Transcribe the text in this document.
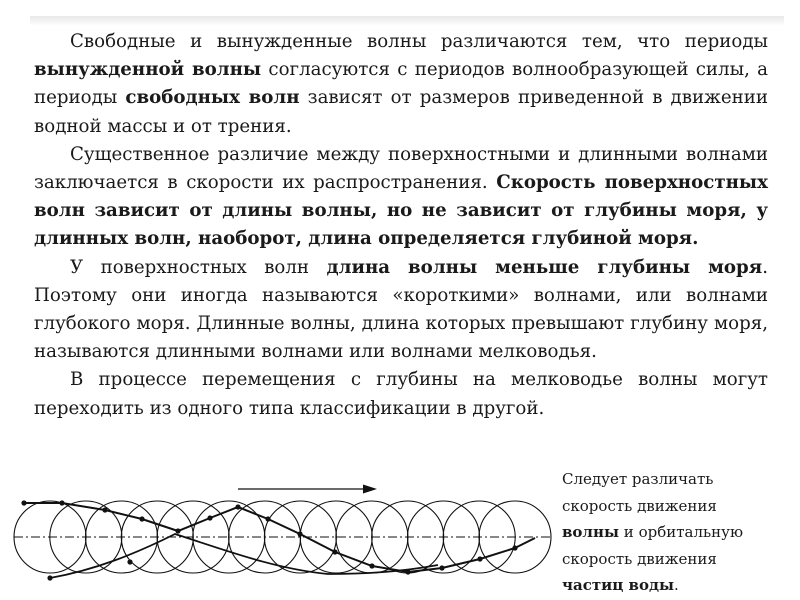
Свободные и вынужденные волны различаются тем, что периоды вынужденной волны согласуются с периодов волнообразующей силы, а периоды свободных волн зависят от размеров приведенной в движении водной массы и от трения.

Существенное различие между поверхностными и длинными волнами заключается в скорости их распространения. Скорость поверхностных волн зависит от длины волны, но не зависит от глубины моря, у длинных волн, наоборот, длина определяется глубиной моря.

У поверхностных волн длина волны меньше глубины моря. Поэтому они иногда называются «короткими» волнами, или волнами глубокого моря. Длинные волны, длина которых превышают глубину моря, называются длинными волнами или волнами мелководья.

В процессе перемещения с глубины на мелководье волны могут переходить из одного типа классификации в другой.

Следует различать скорость движения волны и орбитальную скорость движения частиц воды.
